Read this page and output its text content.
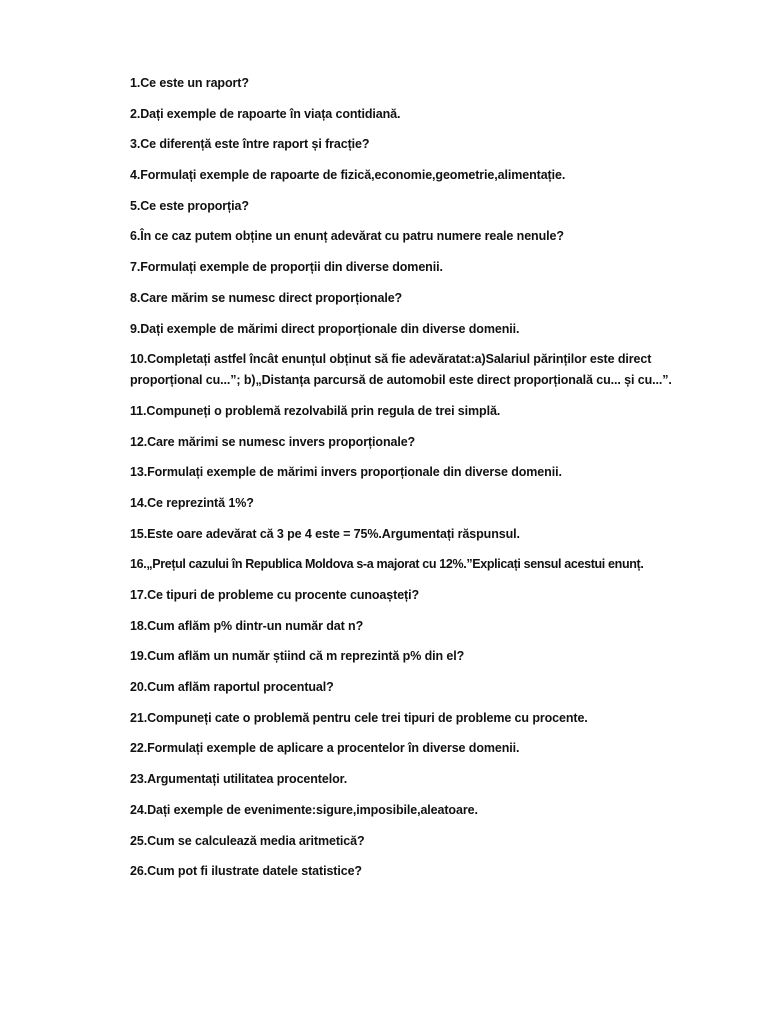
1.Ce este un raport?
2.Dați exemple de rapoarte în viața contidiană.
3.Ce diferență este între raport și fracție?
4.Formulați exemple de rapoarte de fizică,economie,geometrie,alimentație.
5.Ce este proporția?
6.În ce caz putem obține un enunț adevărat cu patru numere reale nenule?
7.Formulați exemple de proporții din diverse domenii.
8.Care mărim se numesc direct proporționale?
9.Dați exemple de mărimi direct proporționale din diverse domenii.
10.Completați astfel încât enunțul obținut să fie adevăratat:a)Salariul părinților este direct proporțional cu...”; b)„Distanța parcursă de automobil este direct proporțională cu... și cu...”.
11.Compuneți o problemă rezolvabilă prin regula de trei simplă.
12.Care mărimi se numesc invers proporționale?
13.Formulați exemple de mărimi invers proporționale din diverse domenii.
14.Ce reprezintă 1%?
15.Este oare adevărat că 3 pe 4 este = 75%.Argumentați răspunsul.
16.„Prețul cazului în Republica Moldova s-a majorat cu 12%.”Explicați sensul acestui enunț.
17.Ce tipuri de probleme cu procente cunoașteți?
18.Cum aflăm p% dintr-un număr dat n?
19.Cum aflăm un număr știind că m reprezintă p% din el?
20.Cum aflăm raportul procentual?
21.Compuneți cate o problemă pentru cele trei tipuri de probleme cu procente.
22.Formulați exemple de aplicare a procentelor în diverse domenii.
23.Argumentați utilitatea procentelor.
24.Dați exemple de evenimente:sigure,imposibile,aleatoare.
25.Cum se calculează media aritmetică?
26.Cum pot fi ilustrate datele statistice?
